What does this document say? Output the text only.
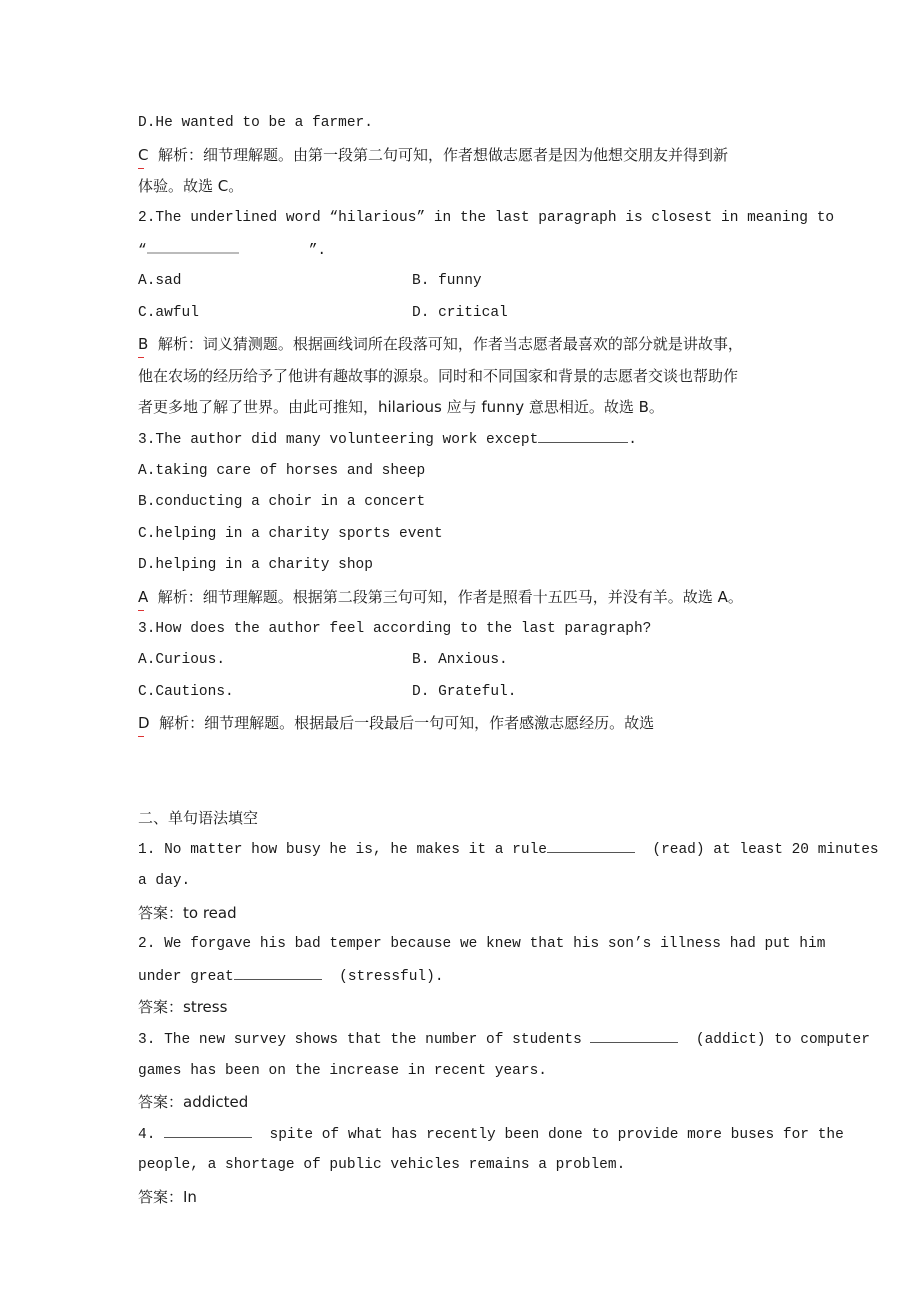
D.He wanted to be a farmer.
C  解析：细节理解题。由第一段第二句可知，作者想做志愿者是因为他想交朋友并得到新
体验。故选 C。
2.The underlined word “hilarious” in the last paragraph is closest in meaning to
“	”.
A.sad	B. funny
C.awful	D. critical
B  解析：词义猜测题。根据画线词所在段落可知，作者当志愿者最喜欢的部分就是讲故事，
他在农场的经历给予了他讲有趣故事的源泉。同时和不同国家和背景的志愿者交谈也帮助作
者更多地了解了世界。由此可推知，hilarious 应与 funny 意思相近。故选 B。
3.The author did many volunteering work except	.
A.taking care of horses and sheep
B.conducting a choir in a concert
C.helping in a charity sports event
D.helping in a charity shop
A  解析：细节理解题。根据第二段第三句可知，作者是照看十五匹马，并没有羊。故选 A。
3.How does the author feel according to the last paragraph?
A.Curious.	B. Anxious.
C.Cautions.	D. Grateful.
D  解析：细节理解题。根据最后一段最后一句可知，作者感激志愿经历。故选
二、单句语法填空
1. No matter how busy he is, he makes it a rule	(read) at least 20 minutes
a day.
答案：to read
2. We forgave his bad temper because we knew that his son’s illness had put him
under great	(stressful).
答案：stress
3. The new survey shows that the number of students	(addict) to computer
games has been on the increase in recent years.
答案：addicted
4.	spite of what has recently been done to provide more buses for the
people, a shortage of public vehicles remains a problem.
答案：In
